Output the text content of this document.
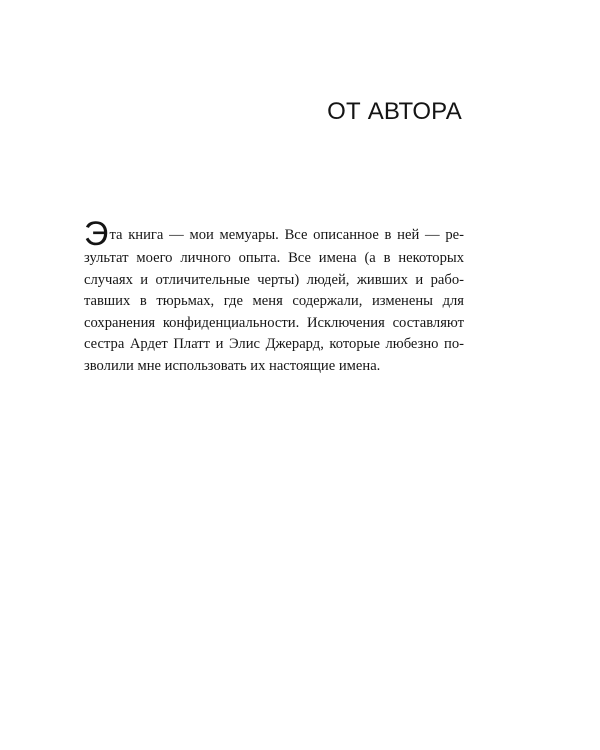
ОТ АВТОРА
Эта книга — мои мемуары. Все описанное в ней — ре-
зультат моего личного опыта. Все имена (а в некоторых
случаях и отличительные черты) людей, живших и рабо-
тавших в тюрьмах, где меня содержали, изменены для
сохранения конфиденциальности. Исключения составляют
сестра Ардет Платт и Элис Джерард, которые любезно по-
зволили мне использовать их настоящие имена.
